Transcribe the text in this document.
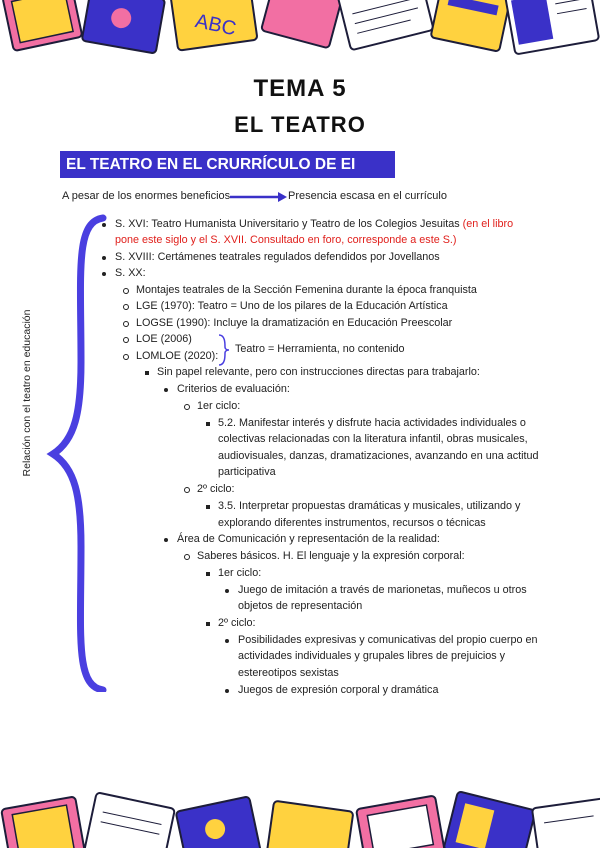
ABC
TEMA 5
EL TEATRO
EL TEATRO EN EL CRURRÍCULO DE EI
A pesar de los enormes beneficios	Presencia escasa en el currículo
Relación con el teatro en educación
S. XVI: Teatro Humanista Universitario y Teatro de los Colegios Jesuitas (en el libro
pone este siglo y el S. XVII. Consultado en foro, corresponde a este S.)
S. XVIII: Certámenes teatrales regulados defendidos por Jovellanos
S. XX:
Montajes teatrales de la Sección Femenina durante la época franquista
LGE (1970): Teatro = Uno de los pilares de la Educación Artística
LOGSE (1990): Incluye la dramatización en Educación Preescolar
LOE (2006)
LOMLOE (2020):
Teatro = Herramienta, no contenido
Sin papel relevante, pero con instrucciones directas para trabajarlo:
Criterios de evaluación:
1er ciclo:
5.2. Manifestar interés y disfrute hacia actividades individuales o
colectivas relacionadas con la literatura infantil, obras musicales,
audiovisuales, danzas, dramatizaciones, avanzando en una actitud
participativa
2º ciclo:
3.5. Interpretar propuestas dramáticas y musicales, utilizando y
explorando diferentes instrumentos, recursos o técnicas
Área de Comunicación y representación de la realidad:
Saberes básicos. H. El lenguaje y la expresión corporal:
1er ciclo:
Juego de imitación a través de marionetas, muñecos u otros
objetos de representación
2º ciclo:
Posibilidades expresivas y comunicativas del propio cuerpo en
actividades individuales y grupales libres de prejuicios y
estereotipos sexistas
Juegos de expresión corporal y dramática
